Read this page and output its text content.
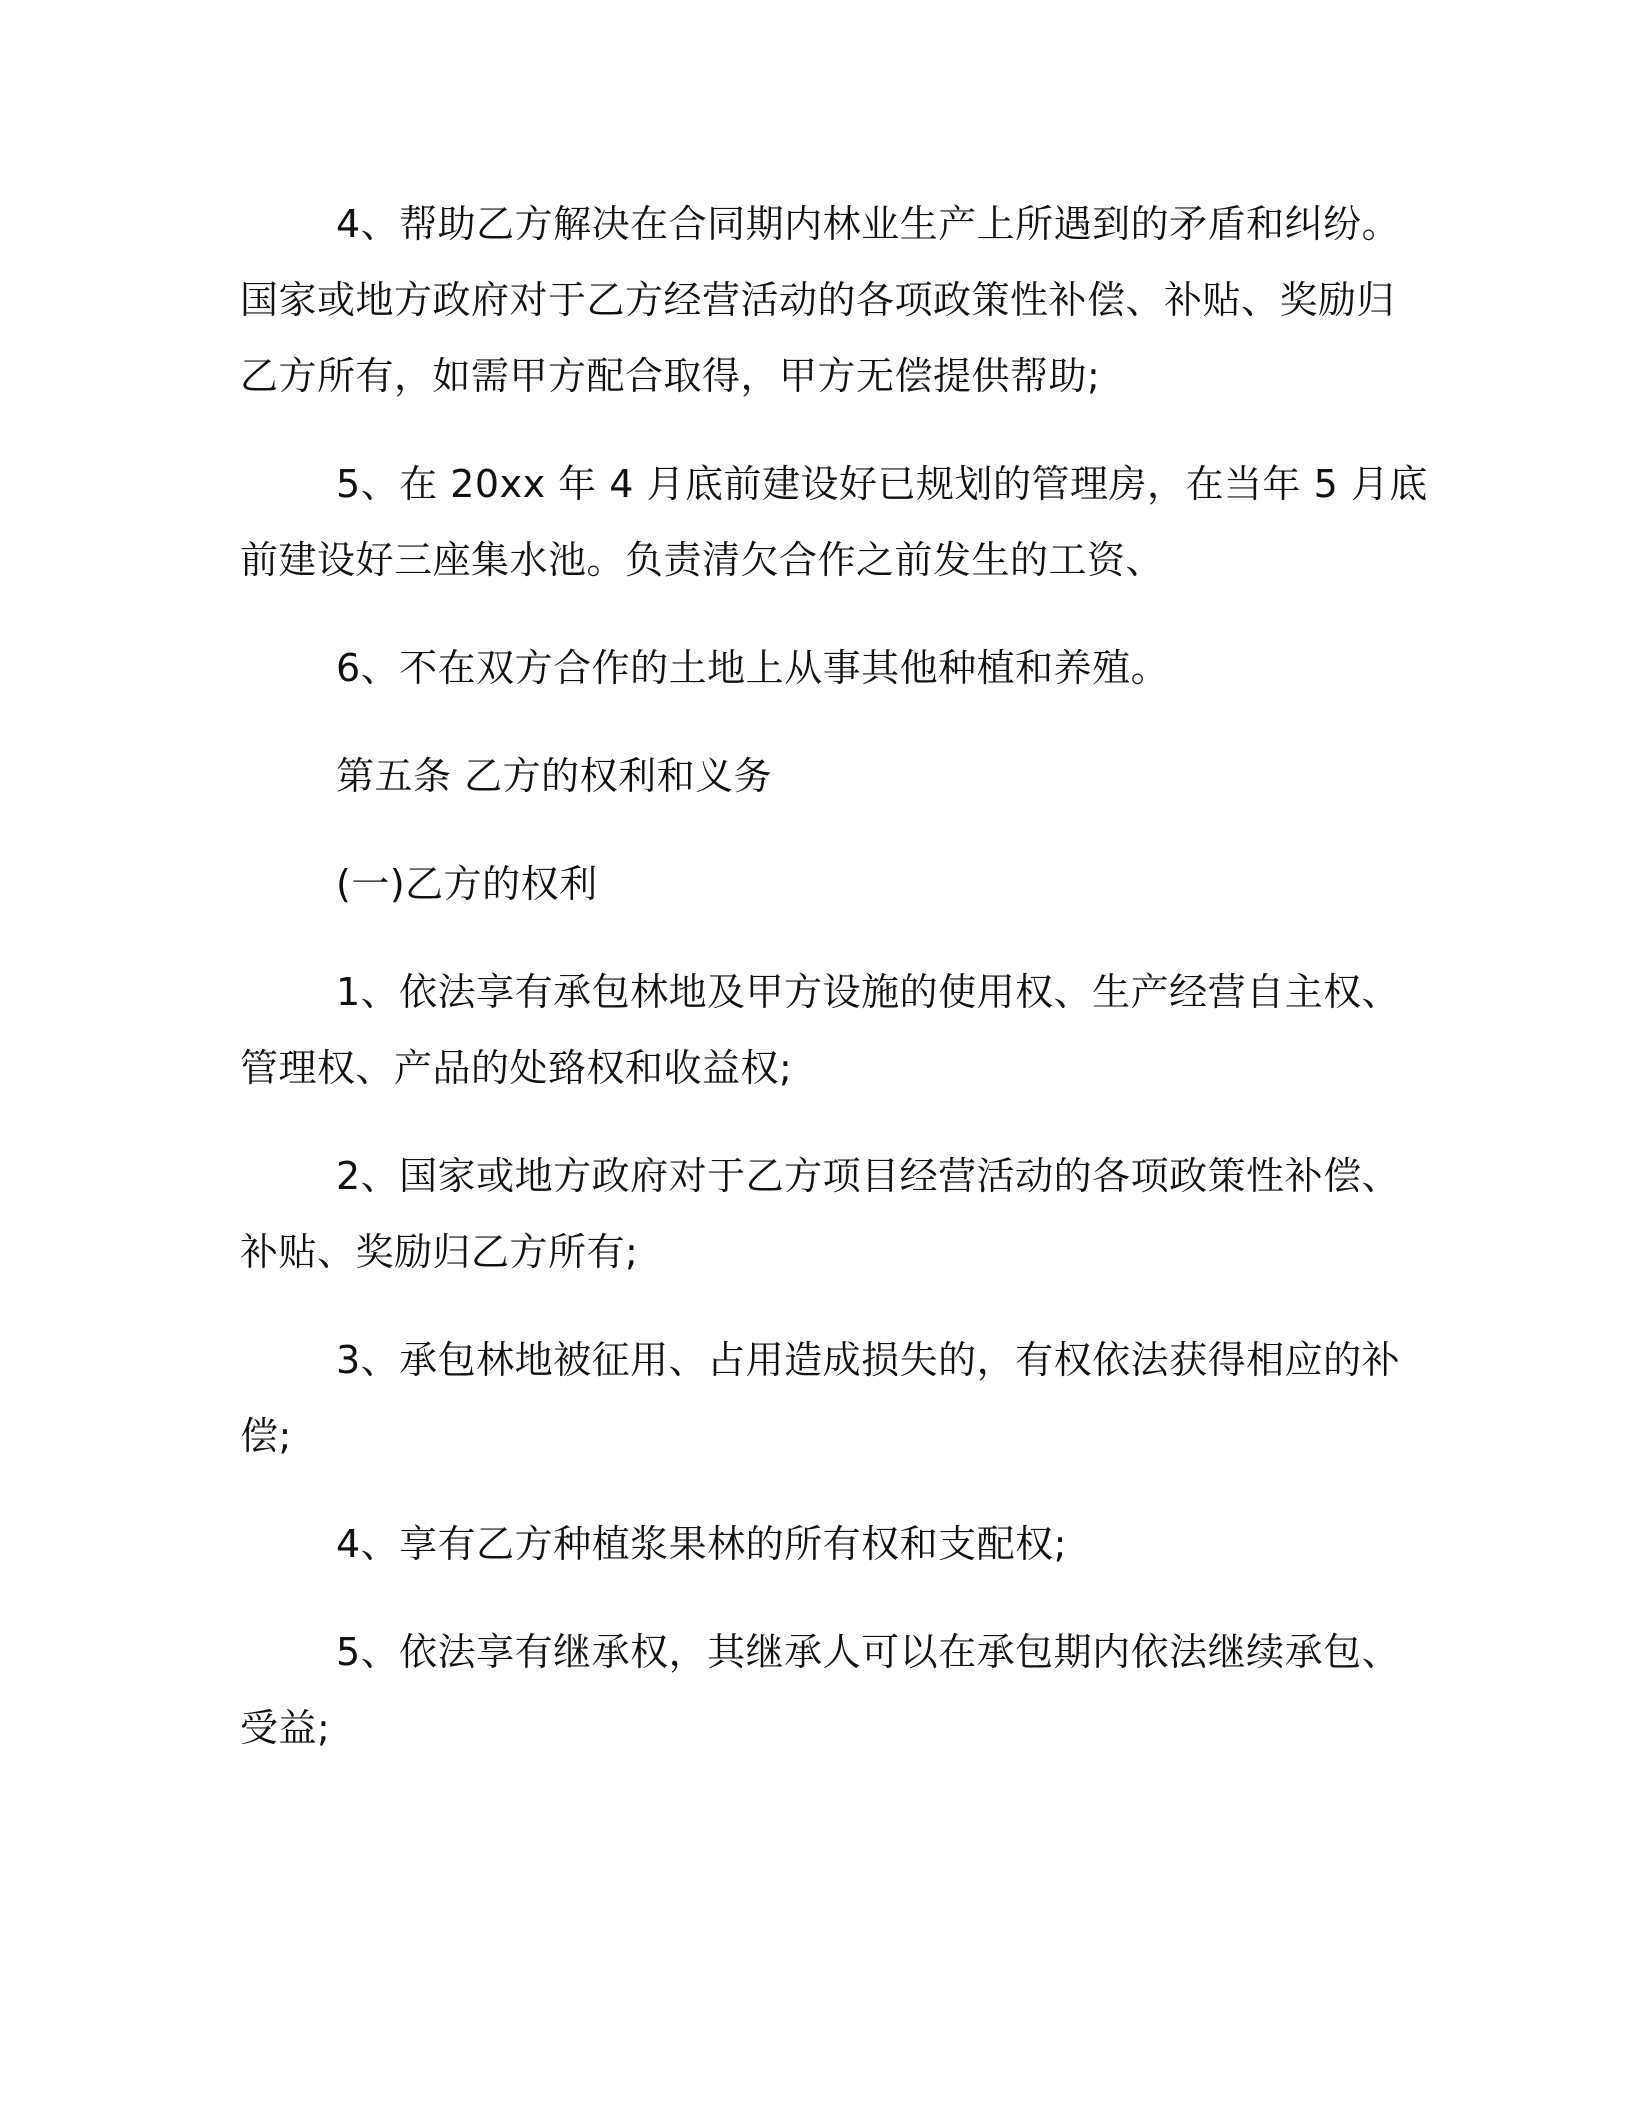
4、帮助乙方解决在合同期内林业生产上所遇到的矛盾和纠纷。
国家或地方政府对于乙方经营活动的各项政策性补偿、补贴、奖励归
乙方所有，如需甲方配合取得，甲方无偿提供帮助;

5、在 20xx 年 4 月底前建设好已规划的管理房，在当年 5 月底
前建设好三座集水池。负责清欠合作之前发生的工资、

6、不在双方合作的土地上从事其他种植和养殖。

第五条 乙方的权利和义务

(一)乙方的权利

1、依法享有承包林地及甲方设施的使用权、生产经营自主权、
管理权、产品的处臵权和收益权;

2、国家或地方政府对于乙方项目经营活动的各项政策性补偿、
补贴、奖励归乙方所有;

3、承包林地被征用、占用造成损失的，有权依法获得相应的补
偿;

4、享有乙方种植浆果林的所有权和支配权;

5、依法享有继承权，其继承人可以在承包期内依法继续承包、
受益;
